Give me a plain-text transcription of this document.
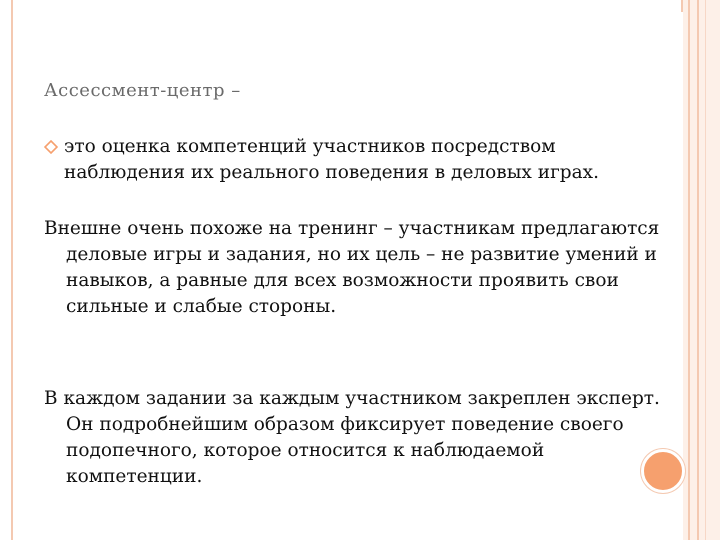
Ассессмент-центр –
это оценка компетенций участников посредством наблюдения их реального поведения в деловых играх.
Внешне очень похоже на тренинг – участникам предлагаются деловые игры и задания, но их цель – не развитие умений и навыков, а равные для всех возможности проявить свои сильные и слабые стороны.
В каждом задании за каждым участником закреплен эксперт. Он подробнейшим образом фиксирует поведение своего подопечного, которое относится к наблюдаемой компетенции.
